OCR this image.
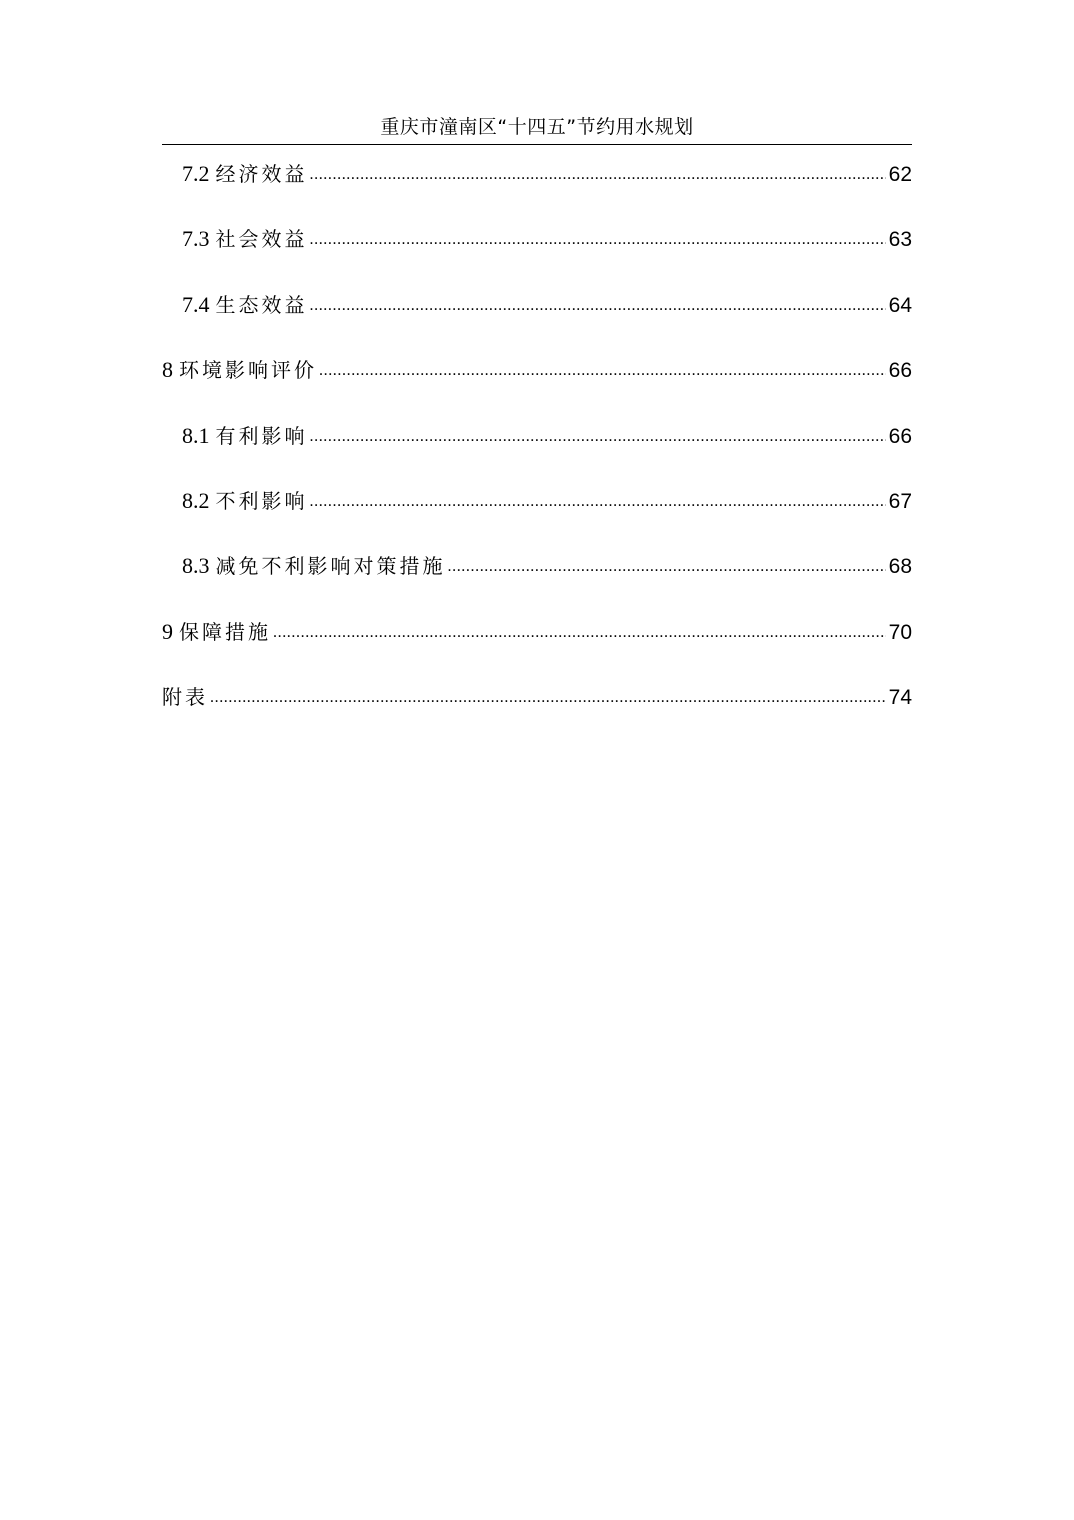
重庆市潼南区“十四五”节约用水规划
7.2 经济效益 .....	62
7.3 社会效益 .....	63
7.4 生态效益 .....	64
8 环境影响评价 .....	66
8.1 有利影响 .....	66
8.2 不利影响 .....	67
8.3 减免不利影响对策措施 .....	68
9 保障措施 .....	70
附表 .....	74
